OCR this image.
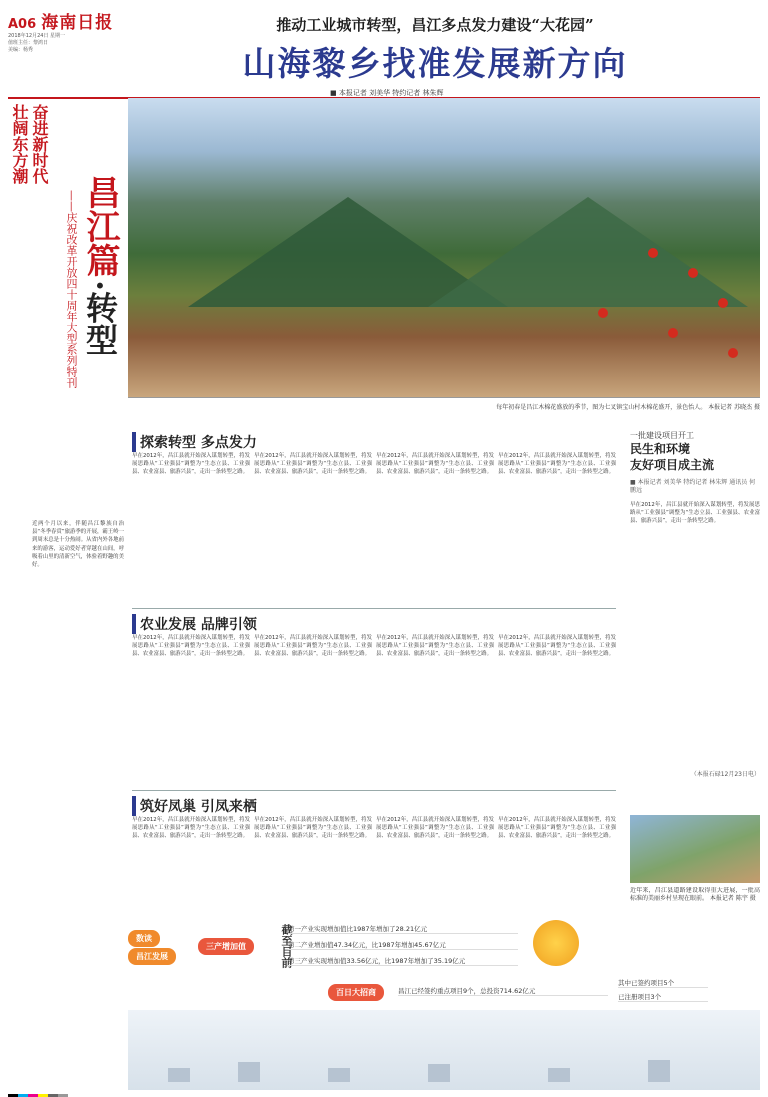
A06 海南日报
2018年12月24日 星期一
值班主任：黎鸿日
美编：杨秀
推动工业城市转型，昌江多点发力建设“大花园”
山海黎乡找准发展新方向
■ 本报记者 刘美华 特约记者 林朱辉
壮阔东方潮 奋进新时代
——庆祝改革开放四十周年大型系列特刊 昌江篇
·转型
每年初春是昌江木棉花盛放的季节，图为七叉镇宝山村木棉花盛开，景色怡人。 本报记者 苏晓杰 摄
近两个月以来，伴随昌江黎族自治县“冬季春赏”旅游季的开展，霸王岭一到周末总是十分热闹。从省内外各地前来的游客，运动爱好者穿越在山间，呼吸着山里的清新空气，体验着野趣的美好。
探索转型 多点发力
早在2012年，昌江县就开始深入谋划转型，将发展思路从“工业强县”调整为“生态立县、工业强县、农业富县、旅游兴县”，走出一条转型之路。
早在2012年，昌江县就开始深入谋划转型，将发展思路从“工业强县”调整为“生态立县、工业强县、农业富县、旅游兴县”，走出一条转型之路。
早在2012年，昌江县就开始深入谋划转型，将发展思路从“工业强县”调整为“生态立县、工业强县、农业富县、旅游兴县”，走出一条转型之路。
早在2012年，昌江县就开始深入谋划转型，将发展思路从“工业强县”调整为“生态立县、工业强县、农业富县、旅游兴县”，走出一条转型之路。
农业发展 品牌引领
早在2012年，昌江县就开始深入谋划转型，将发展思路从“工业强县”调整为“生态立县、工业强县、农业富县、旅游兴县”，走出一条转型之路。
早在2012年，昌江县就开始深入谋划转型，将发展思路从“工业强县”调整为“生态立县、工业强县、农业富县、旅游兴县”，走出一条转型之路。
早在2012年，昌江县就开始深入谋划转型，将发展思路从“工业强县”调整为“生态立县、工业强县、农业富县、旅游兴县”，走出一条转型之路。
早在2012年，昌江县就开始深入谋划转型，将发展思路从“工业强县”调整为“生态立县、工业强县、农业富县、旅游兴县”，走出一条转型之路。
筑好凤巢 引凤来栖
早在2012年，昌江县就开始深入谋划转型，将发展思路从“工业强县”调整为“生态立县、工业强县、农业富县、旅游兴县”，走出一条转型之路。
早在2012年，昌江县就开始深入谋划转型，将发展思路从“工业强县”调整为“生态立县、工业强县、农业富县、旅游兴县”，走出一条转型之路。
早在2012年，昌江县就开始深入谋划转型，将发展思路从“工业强县”调整为“生态立县、工业强县、农业富县、旅游兴县”，走出一条转型之路。
早在2012年，昌江县就开始深入谋划转型，将发展思路从“工业强县”调整为“生态立县、工业强县、农业富县、旅游兴县”，走出一条转型之路。
一批建设项目开工
民生和环境
友好项目成主流
■ 本报记者 刘美华 特约记者 林朱辉 通讯员 何鹏远
早在2012年，昌江县就开始深入谋划转型，将发展思路从“工业强县”调整为“生态立县、工业强县、农业富县、旅游兴县”，走出一条转型之路。
（本报石碌12月23日电）
近年来，昌江县道路建设取得重大进展，一批高标准的美丽乡村呈现在眼前。 本报记者 陈宇 摄
数读
昌江发展
三产增加值	截至目前
第一产业实现增加值比1987年增加了28.21亿元
第二产业增加值47.34亿元，比1987年增加45.67亿元
第三产业实现增加值33.56亿元，比1987年增加了35.19亿元
百日大招商	昌江已经签约重点项目9个，总投资714.62亿元
其中已签约项目5个
已注册项目3个
